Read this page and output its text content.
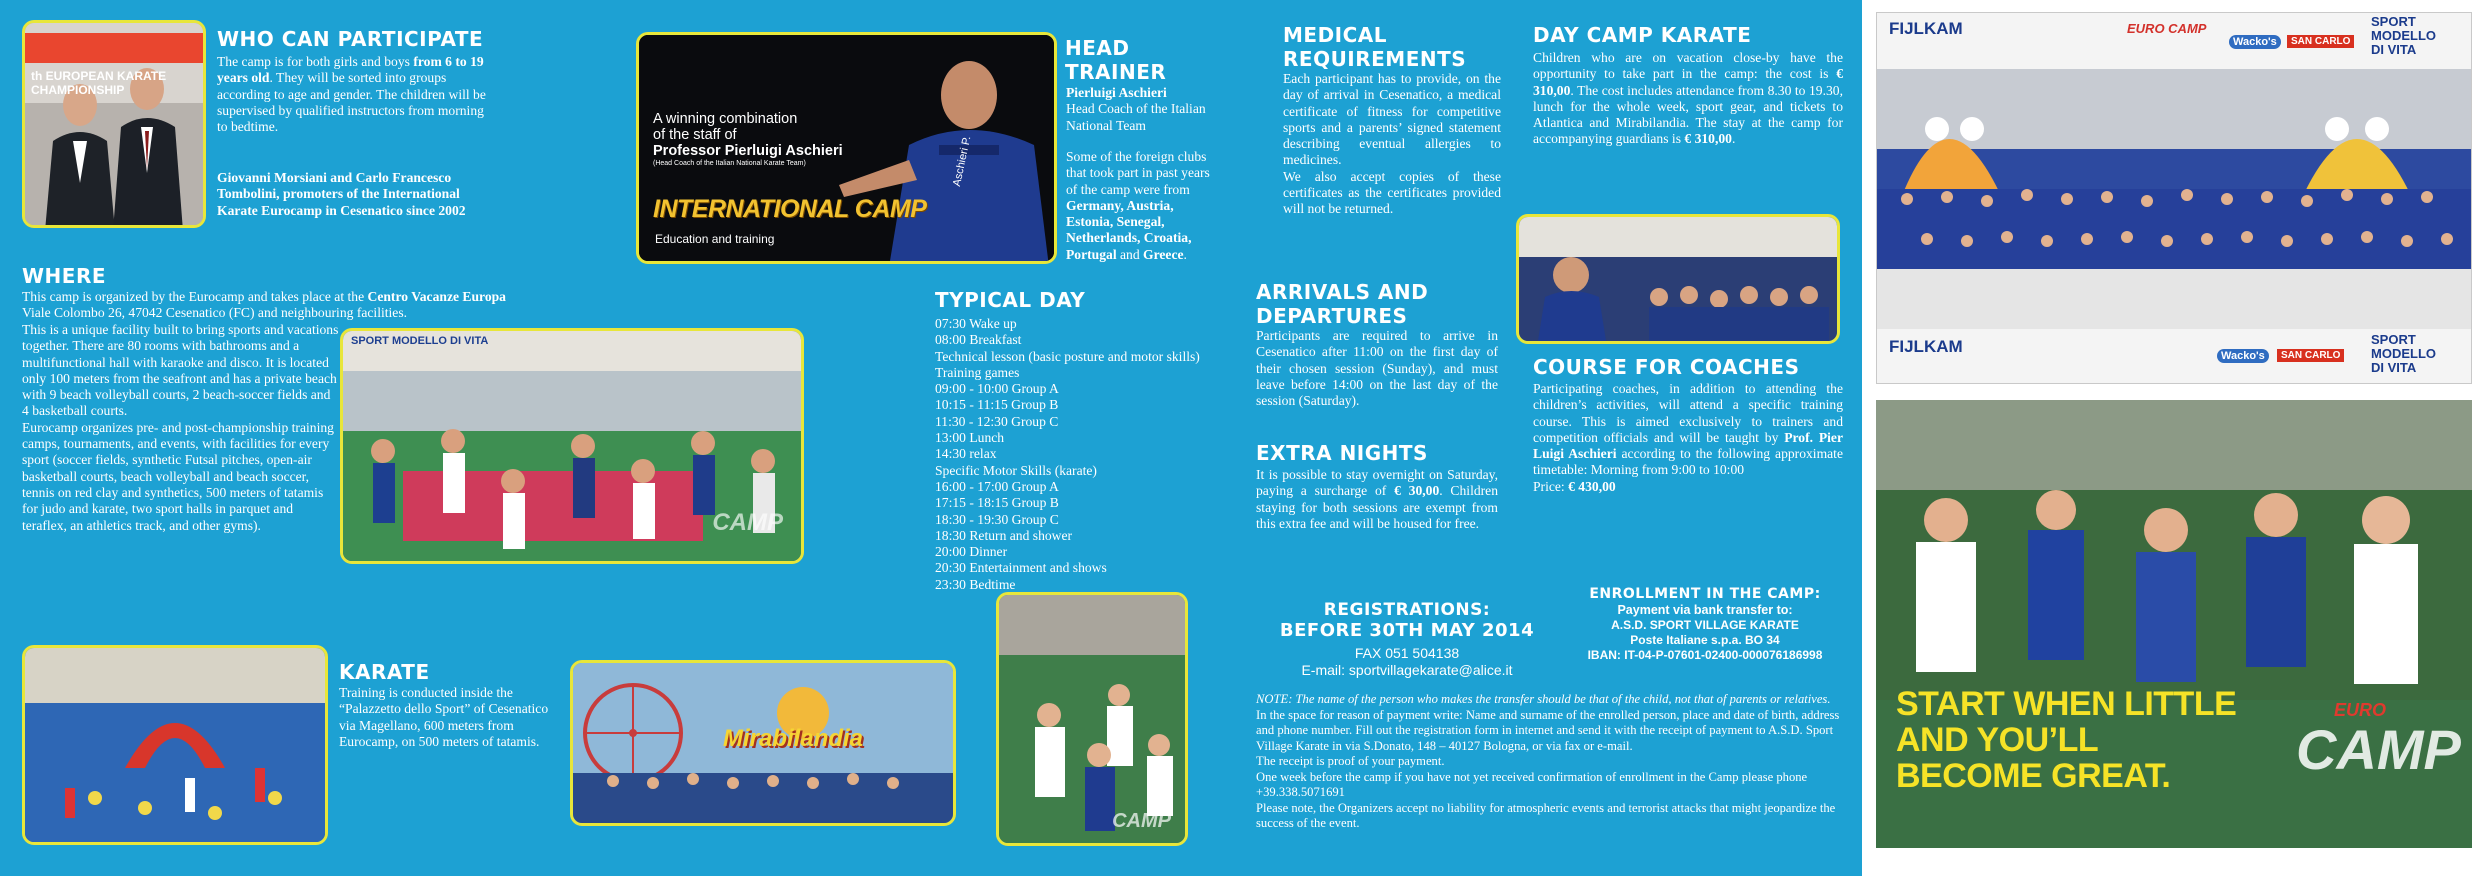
th EUROPEAN KARATE CHAMPIONSHIP
WHO CAN PARTICIPATE
The camp is for both girls and boys from 6 to 19 years old. They will be sorted into groups according to age and gender. The children will be supervised by qualified instructors from morning to bedtime.
Giovanni Morsiani and Carlo Francesco Tombolini, promoters of the International Karate Eurocamp in Cesenatico since 2002
WHERE
This camp is organized by the Eurocamp and takes place at the Centro Vacanze Europa
Viale Colombo 26, 47042 Cesenatico (FC) and neighbouring facilities.
This is a unique facility built to bring sports and vacations together. There are 80 rooms with bathrooms and a multifunctional hall with karaoke and disco. It is located only 100 meters from the seafront and has a private beach with 9 beach volleyball courts, 2 beach-soccer fields and 4 basketball courts.
Eurocamp organizes pre- and post-championship training camps, tournaments, and events, with facilities for every sport (soccer fields, synthetic Futsal pitches, open-air basketball courts, beach volleyball and beach soccer, tennis on red clay and synthetics, 500 meters of tatamis for judo and karate, two sport halls in parquet and teraflex, an athletics track, and other gyms).
SPORT MODELLO DI VITA
CAMP
KARATE
Training is conducted inside the “Palazzetto dello Sport” of Cesenatico via Magellano, 600 meters from Eurocamp, on 500 meters of tatamis.
Aschieri P.
A winning combination
of the staff of
Professor Pierluigi Aschieri
(Head Coach of the Italian National Karate Team)
INTERNATIONAL CAMP
Education and training
HEAD
TRAINER
Pierluigi Aschieri
Head Coach of the Italian National Team
Some of the foreign clubs that took part in past years of the camp were from Germany, Austria, Estonia, Senegal, Netherlands, Croatia, Portugal and Greece.
TYPICAL DAY
07:30 Wake up
08:00 Breakfast
Technical lesson (basic posture and motor skills)
Training games
09:00 - 10:00 Group A
10:15 - 11:15 Group B
11:30 - 12:30 Group C
13:00 Lunch
14:30 relax
Specific Motor Skills (karate)
16:00 - 17:00 Group A
17:15 - 18:15 Group B
18:30 - 19:30 Group C
18:30 Return and shower
20:00 Dinner
20:30 Entertainment and shows
23:30 Bedtime
Mirabilandia
CAMP
MEDICAL
REQUIREMENTS
Each participant has to provide, on the day of arrival in Cesenatico, a medical certificate of fitness for competitive sports and a parents’ signed statement describing eventual allergies to medicines.
We also accept copies of these certificates as the certificates provided will not be returned.
ARRIVALS AND
DEPARTURES
Participants are required to arrive in Cesenatico after 11:00 on the first day of their chosen session (Sunday), and must leave before 14:00 on the last day of the session (Saturday).
EXTRA NIGHTS
It is possible to stay overnight on Saturday, paying a surcharge of € 30,00. Children staying for both sessions are exempt from this extra fee and will be housed for free.
DAY CAMP KARATE
Children who are on vacation close-by have the opportunity to take part in the camp: the cost is € 310,00. The cost includes attendance from 8.30 to 19.30, lunch for the whole week, sport gear, and tickets to Atlantica and Mirabilandia. The stay at the camp for accompanying guardians is € 310,00.
COURSE FOR COACHES
Participating coaches, in addition to attending the children’s activities, will attend a specific training course. This is aimed exclusively to trainers and competition officials and will be taught by Prof. Pier Luigi Aschieri according to the following approximate timetable: Morning from 9:00 to 10:00
Price: € 430,00
REGISTRATIONS:
BEFORE 30TH MAY 2014
FAX 051 504138
E-mail: sportvillagekarate@alice.it
ENROLLMENT IN THE CAMP:
Payment via bank transfer to:
A.S.D. SPORT VILLAGE KARATE
Poste Italiane s.p.a. BO 34
IBAN: IT-04-P-07601-02400-000076186998
NOTE: The name of the person who makes the transfer should be that of the child, not that of parents or relatives.
In the space for reason of payment write: Name and surname of the enrolled person, place and date of birth, address and phone number. Fill out the registration form in internet and send it with the receipt of payment to A.S.D. Sport Village Karate in via S.Donato, 148 – 40127 Bologna, or via fax or e-mail.
The receipt is proof of your payment.
One week before the camp if you have not yet received confirmation of enrollment in the Camp please phone +39.338.5071691
Please note, the Organizers accept no liability for atmospheric events and terrorist attacks that might jeopardize the success of the event.
FIJLKAM	EURO CAMP
Wacko's	SAN CARLO
SPORT
MODELLO
DI VITA
FIJLKAM	Wacko's	SAN CARLO
SPORT
MODELLO
DI VITA
START WHEN LITTLE
AND YOU’LL
BECOME GREAT.
EURO
CAMP
